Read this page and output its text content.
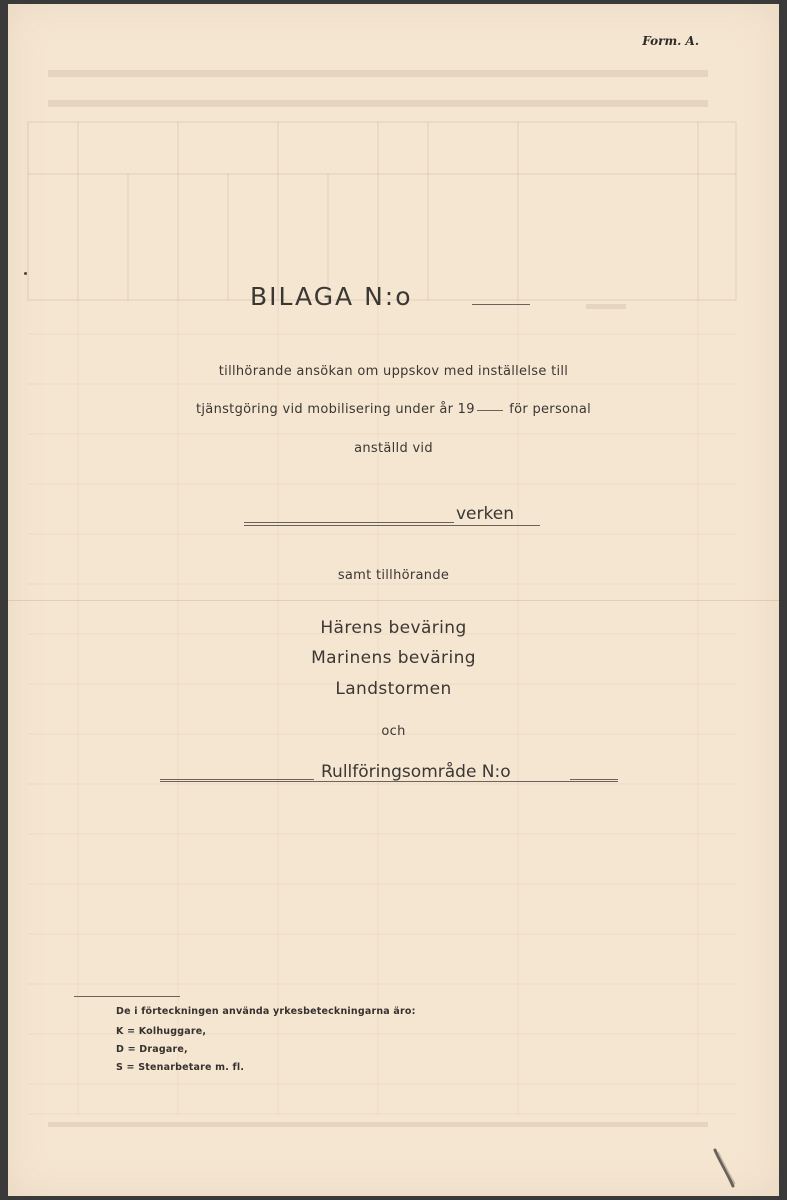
Form. A.
BILAGA N:o
tillhörande ansökan om uppskov med inställelse till
tjänstgöring vid mobilisering under år 19	för personal
anställd vid
verken
samt tillhörande
Härens beväring
Marinens beväring
Landstormen
och
Rullföringsområde N:o
De i förteckningen använda yrkesbeteckningarna äro:
K = Kolhuggare,
D = Dragare,
S = Stenarbetare m. fl.
